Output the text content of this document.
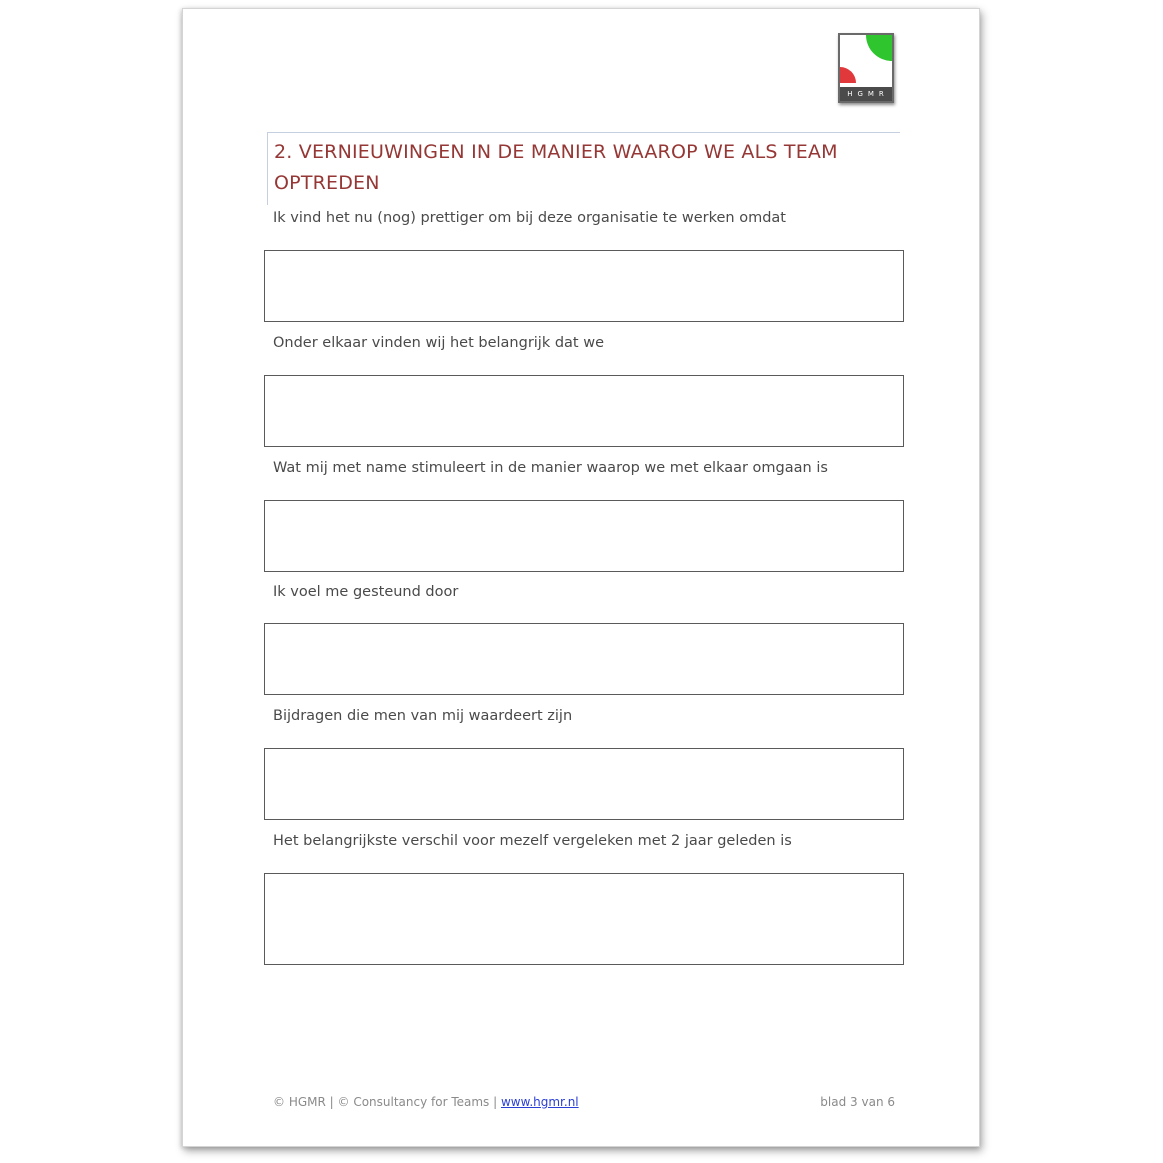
HGMR
2. VERNIEUWINGEN IN DE MANIER WAAROP WE ALS TEAM OPTREDEN

Ik vind het nu (nog) prettiger om bij deze organisatie te werken omdat

Onder elkaar vinden wij het belangrijk dat we

Wat mij met name stimuleert in de manier waarop we met elkaar omgaan is

Ik voel me gesteund door

Bijdragen die men van mij waardeert zijn

Het belangrijkste verschil voor mezelf vergeleken met 2 jaar geleden is

© HGMR | © Consultancy for Teams | www.hgmr.nl	blad 3 van 6
